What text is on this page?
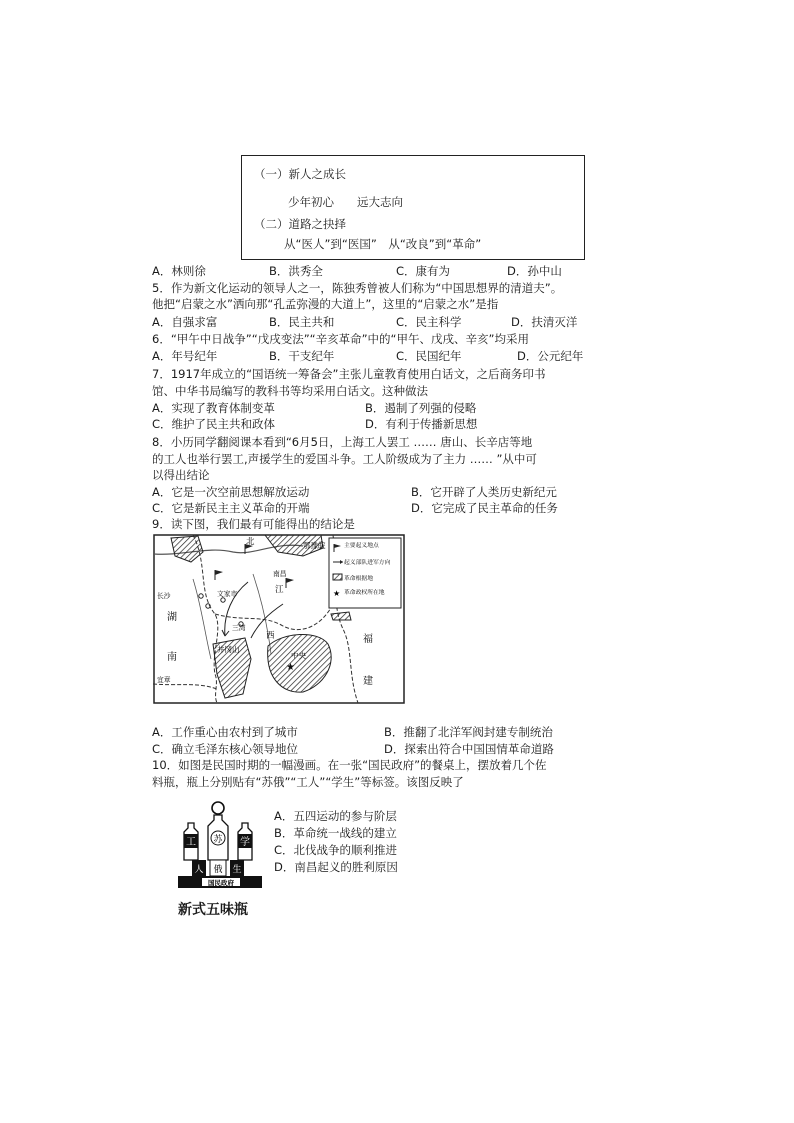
（一）新人之成长
少年初心　　远大志向
（二）道路之抉择
从“医人”到“医国”　从“改良”到“革命”
A．林则徐	B．洪秀全	C．康有为	D．孙中山
5．作为新文化运动的领导人之一，陈独秀曾被人们称为“中国思想界的清道夫”。
他把“启蒙之水”洒向那“孔孟弥漫的大道上”，这里的“启蒙之水”是指
A．自强求富	B．民主共和	C．民主科学	D．扶清灭洋
6．“甲午中日战争”“戊戌变法”“辛亥革命”中的“甲午、戊戌、辛亥”均采用
A．年号纪年	B．干支纪年	C．民国纪年	D．公元纪年
7．1917年成立的“国语统一筹备会”主张儿童教育使用白话文，之后商务印书
馆、中华书局编写的教科书等均采用白话文。这种做法
A．实现了教育体制变革	B．遏制了列强的侵略
C．维护了民主共和政体	D．有利于传播新思想
8．小历同学翻阅课本看到“6月5日，上海工人罢工 …… 唐山、长辛店等地
的工人也举行罢工,声援学生的爱国斗争。工人阶级成为了主力 …… ”从中可
以得出结论
A．它是一次空前思想解放运动	B．它开辟了人类历史新纪元
C．它是新民主主义革命的开端	D．它完成了民主革命的任务
9．读下图，我们最有可能得出的结论是
★
主要起义地点
起义部队进军方向
革命根据地
★ 革命政权所在地
北	鄂豫皖
文家市
南昌
江
长沙
湖
三湾
井冈山
西
中央
福
南
建
宜章
A．工作重心由农村到了城市	B．推翻了北洋军阀封建专制统治
C．确立毛泽东核心领导地位	D．探索出符合中国国情革命道路
10．如图是民国时期的一幅漫画。在一张“国民政府”的餐桌上，摆放着几个佐
料瓶，瓶上分别贴有“苏俄”“工人”“学生”等标签。该图反映了
工 苏 学
人 俄 生
国民政府
新式五味瓶
A．五四运动的参与阶层
B．革命统一战线的建立
C．北伐战争的顺利推进
D．南昌起义的胜利原因
